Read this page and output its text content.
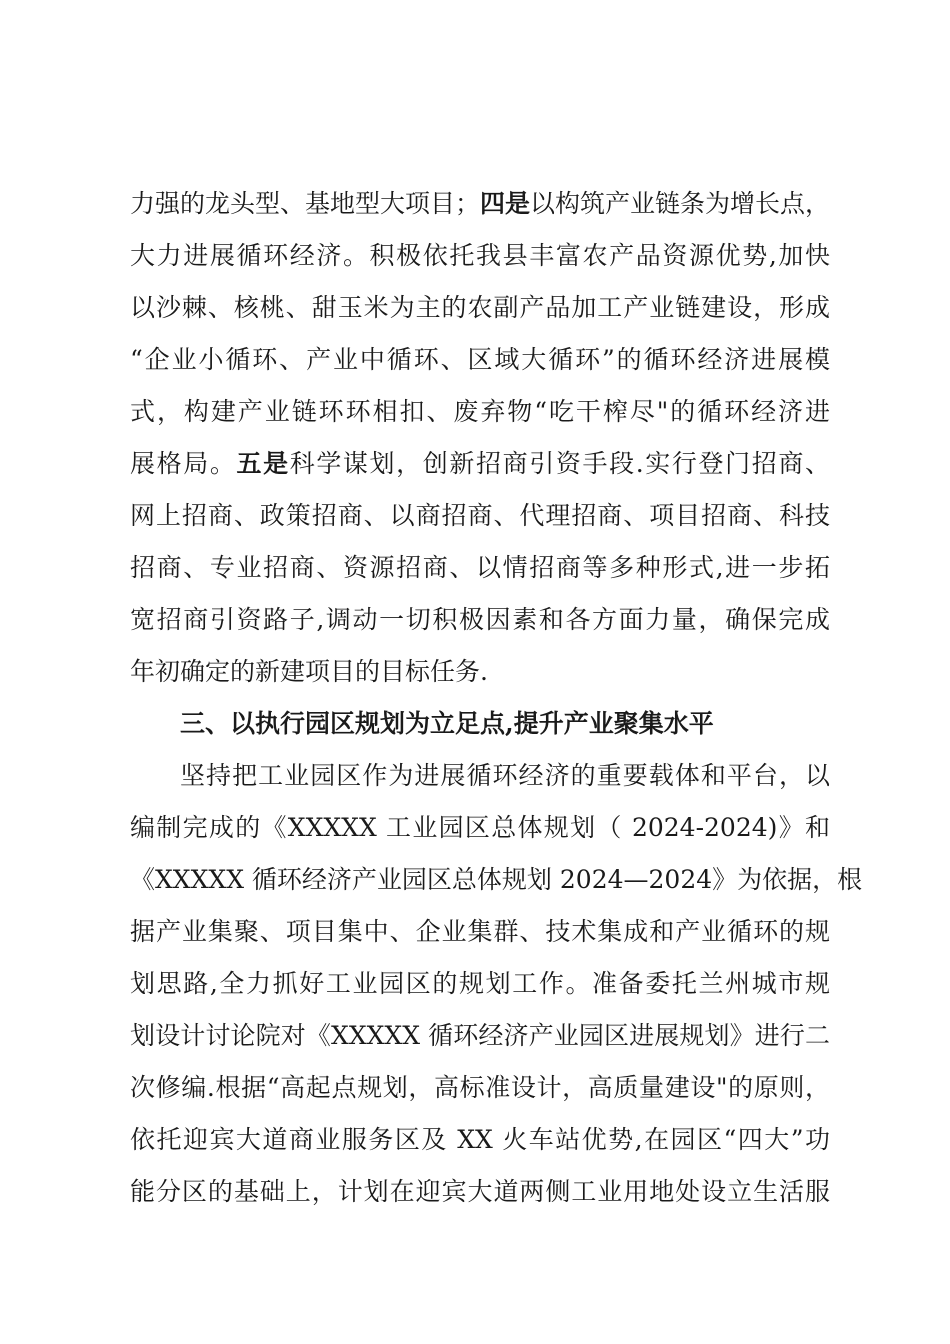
力强的龙头型、基地型大项目；四是以构筑产业链条为增长点，
大力进展循环经济。积极依托我县丰富农产品资源优势,加快
以沙棘、核桃、甜玉米为主的农副产品加工产业链建设，形成
“企业小循环、产业中循环、区域大循环”的循环经济进展模
式，构建产业链环环相扣、废弃物“吃干榨尽"的循环经济进
展格局。五是科学谋划，创新招商引资手段.实行登门招商、
网上招商、政策招商、以商招商、代理招商、项目招商、科技
招商、专业招商、资源招商、以情招商等多种形式,进一步拓
宽招商引资路子,调动一切积极因素和各方面力量，确保完成
年初确定的新建项目的目标任务.
三、以执行园区规划为立足点,提升产业聚集水平
坚持把工业园区作为进展循环经济的重要载体和平台，以
编制完成的《XXXXX 工业园区总体规划（ 2024-2024)》和
《XXXXX 循环经济产业园区总体规划 2024—2024》为依据，根
据产业集聚、项目集中、企业集群、技术集成和产业循环的规
划思路,全力抓好工业园区的规划工作。准备委托兰州城市规
划设计讨论院对《XXXXX 循环经济产业园区进展规划》进行二
次修编.根据“高起点规划，高标准设计，高质量建设"的原则，
依托迎宾大道商业服务区及 XX 火车站优势,在园区“四大”功
能分区的基础上，计划在迎宾大道两侧工业用地处设立生活服
